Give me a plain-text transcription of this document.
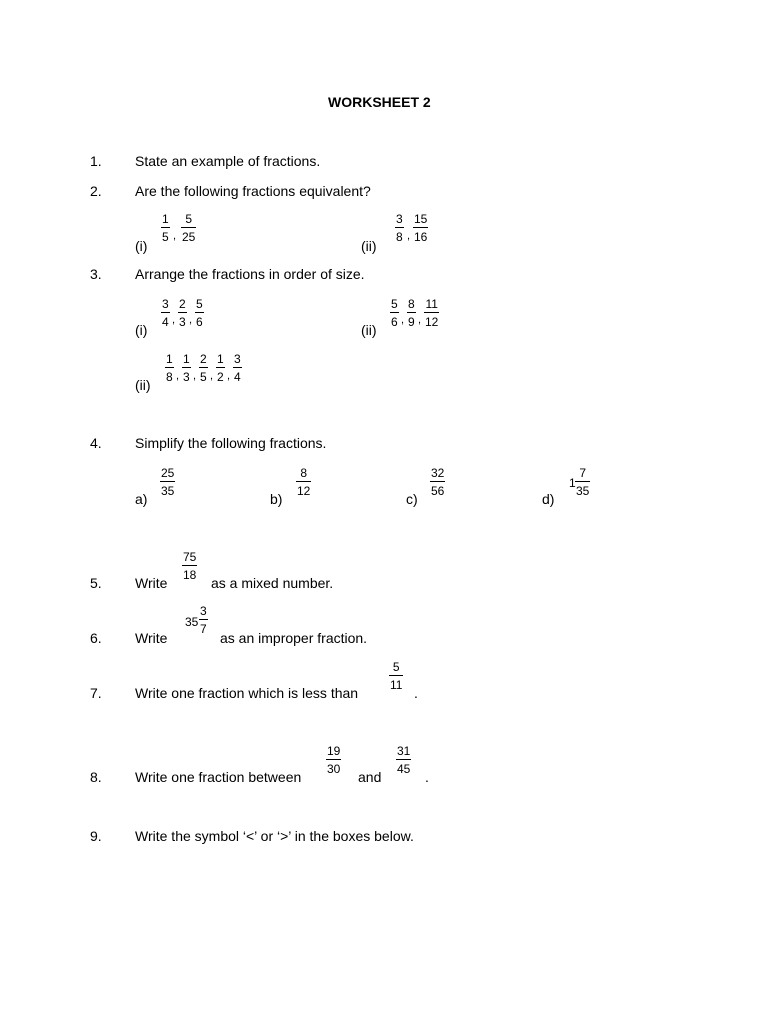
WORKSHEET 2
1. State an example of fractions.
2. Are the following fractions equivalent?
(i)
1
5 ,
5
25
(ii)
3
8 ,
15
16
3. Arrange the fractions in order of size.
(i)
3
4 ,
2
3 ,
5
6	(ii)
5
6 ,
8
9 ,
11
12
(ii)
1
8 ,
1
3 ,
2
5 ,
1
2 ,
3
4
4. Simplify the following fractions.
a)
25
35	b)
8
12	c)
32
56	d)
1
7
35
5. Write
75
18 as a mixed number.
6. Write
35
3
7
as an improper fraction.
7. Write one fraction which is less than
5
11 .
8. Write one fraction between
19
30 and
31
45 .
9. Write the symbol ‘<’ or ‘>’ in the boxes below.
